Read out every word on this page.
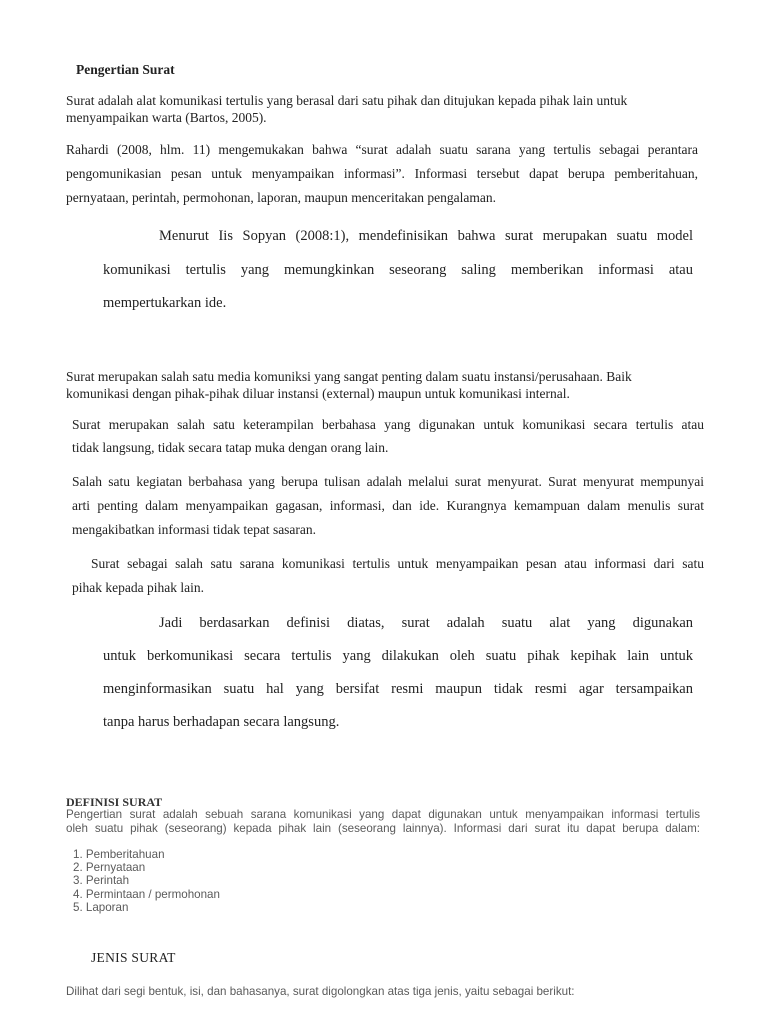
Pengertian Surat
Surat adalah alat komunikasi tertulis yang berasal dari satu pihak dan ditujukan kepada pihak lain untuk
menyampaikan warta (Bartos, 2005).
Rahardi (2008, hlm. 11) mengemukakan bahwa “surat adalah suatu sarana yang tertulis sebagai perantara
pengomunikasian pesan untuk menyampaikan informasi”. Informasi tersebut dapat berupa pemberitahuan,
pernyataan, perintah, permohonan, laporan, maupun menceritakan pengalaman.
Menurut Iis Sopyan (2008:1), mendefinisikan bahwa surat merupakan suatu model
komunikasi tertulis yang memungkinkan seseorang saling memberikan informasi atau
mempertukarkan ide.
Surat merupakan salah satu media komuniksi yang sangat penting dalam suatu instansi/perusahaan. Baik
komunikasi dengan pihak-pihak diluar instansi (external) maupun untuk komunikasi internal.
Surat merupakan salah satu keterampilan berbahasa yang digunakan untuk komunikasi secara tertulis atau
tidak langsung, tidak secara tatap muka dengan orang lain.
Salah satu kegiatan berbahasa yang berupa tulisan adalah melalui surat menyurat. Surat menyurat mempunyai
arti penting dalam menyampaikan gagasan, informasi, dan ide. Kurangnya kemampuan dalam menulis surat
mengakibatkan informasi tidak tepat sasaran.
Surat sebagai salah satu sarana komunikasi tertulis untuk menyampaikan pesan atau informasi dari satu
pihak kepada pihak lain.
Jadi berdasarkan definisi diatas, surat adalah suatu alat yang digunakan
untuk berkomunikasi secara tertulis yang dilakukan oleh suatu pihak kepihak lain untuk
menginformasikan suatu hal yang bersifat resmi maupun tidak resmi agar tersampaikan
tanpa harus berhadapan secara langsung.
DEFINISI SURAT
Pengertian surat adalah sebuah sarana komunikasi yang dapat digunakan untuk menyampaikan informasi tertulis
oleh suatu pihak (seseorang) kepada pihak lain (seseorang lainnya). Informasi dari surat itu dapat berupa dalam:
1. Pemberitahuan
2. Pernyataan
3. Perintah
4. Permintaan / permohonan
5. Laporan
JENIS SURAT
Dilihat dari segi bentuk, isi, dan bahasanya, surat digolongkan atas tiga jenis, yaitu sebagai berikut:
